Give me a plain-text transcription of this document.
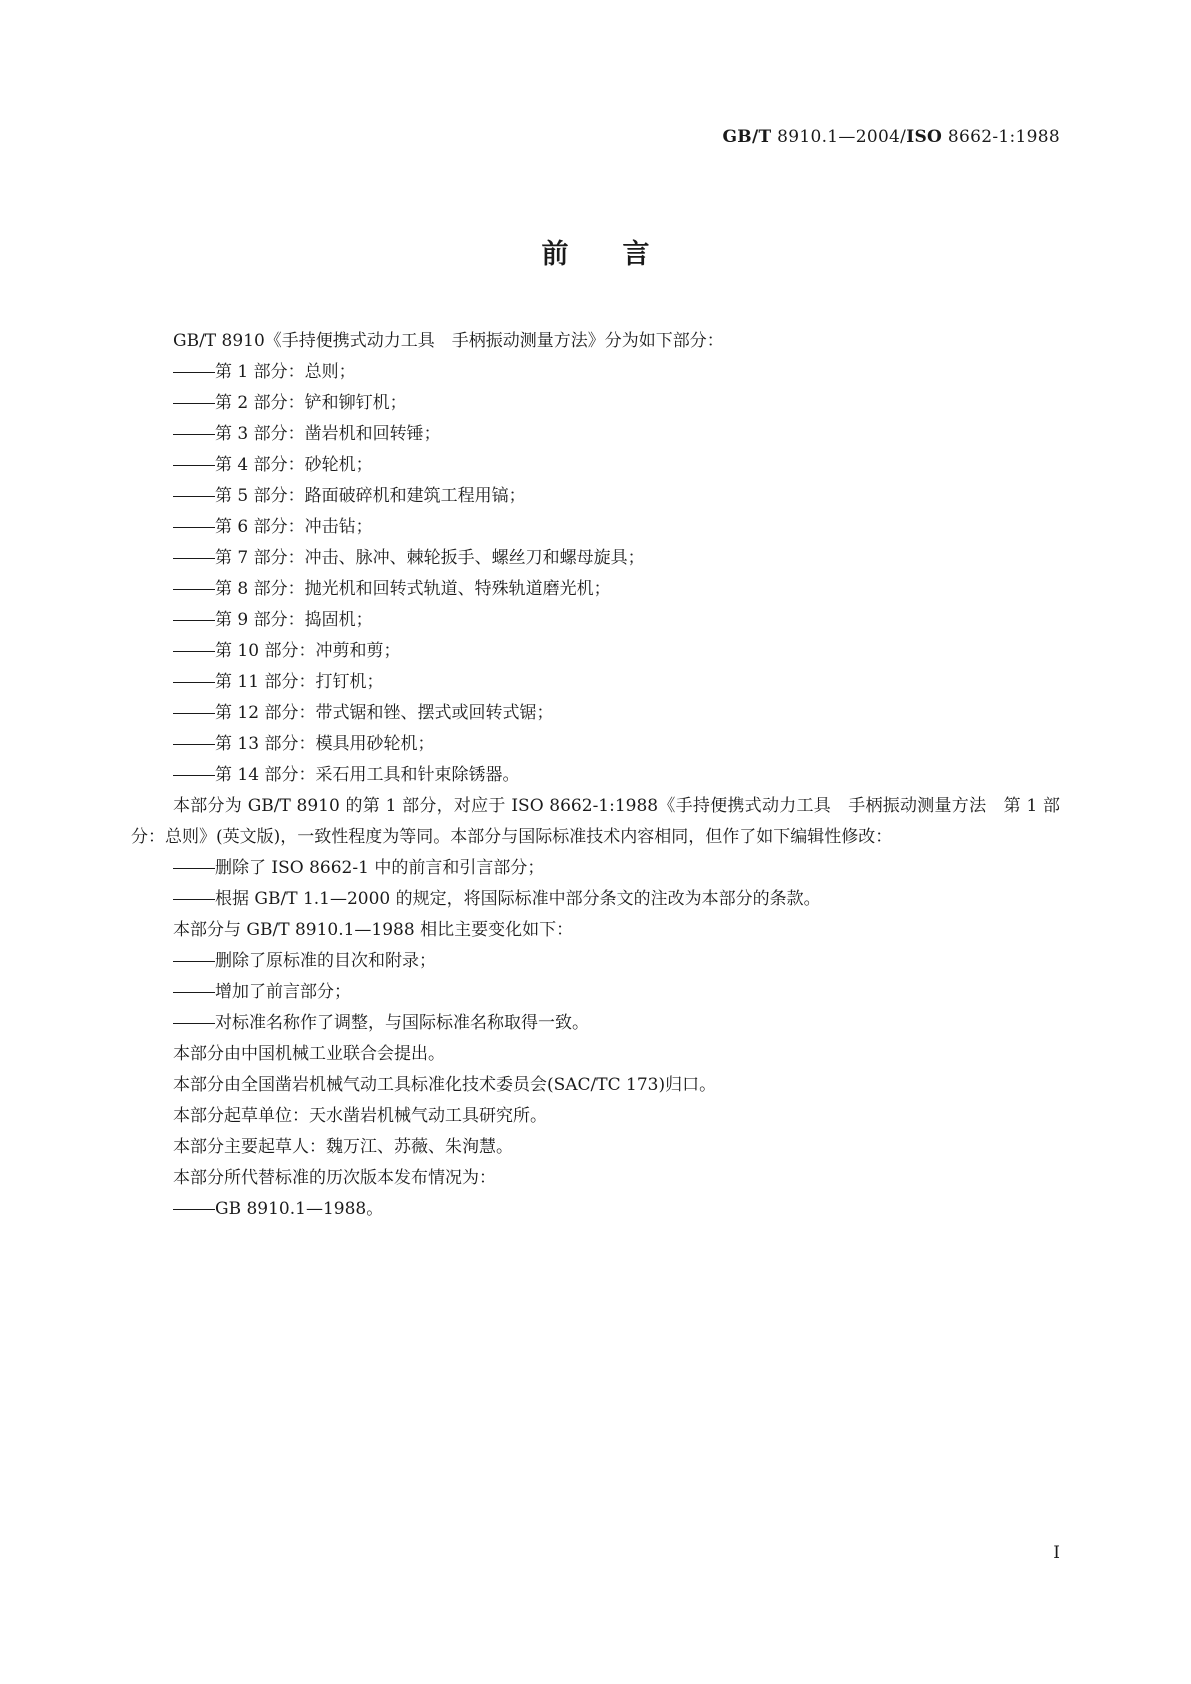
GB/T 8910.1—2004/ISO 8662-1:1988
前言

GB/T 8910《手持便携式动力工具　手柄振动测量方法》分为如下部分：

第 1 部分：总则；

第 2 部分：铲和铆钉机；

第 3 部分：凿岩机和回转锤；

第 4 部分：砂轮机；

第 5 部分：路面破碎机和建筑工程用镐；

第 6 部分：冲击钻；

第 7 部分：冲击、脉冲、棘轮扳手、螺丝刀和螺母旋具；

第 8 部分：抛光机和回转式轨道、特殊轨道磨光机；

第 9 部分：捣固机；

第 10 部分：冲剪和剪；

第 11 部分：打钉机；

第 12 部分：带式锯和锉、摆式或回转式锯；

第 13 部分：模具用砂轮机；

第 14 部分：采石用工具和针束除锈器。

本部分为 GB/T 8910 的第 1 部分，对应于 ISO 8662-1:1988《手持便携式动力工具　手柄振动测量方法　第 1 部分：总则》(英文版)，一致性程度为等同。本部分与国际标准技术内容相同，但作了如下编辑性修改：

删除了 ISO 8662-1 中的前言和引言部分；

根据 GB/T 1.1—2000 的规定，将国际标准中部分条文的注改为本部分的条款。

本部分与 GB/T 8910.1—1988 相比主要变化如下：

删除了原标准的目次和附录；

增加了前言部分；

对标准名称作了调整，与国际标准名称取得一致。

本部分由中国机械工业联合会提出。

本部分由全国凿岩机械气动工具标准化技术委员会(SAC/TC 173)归口。

本部分起草单位：天水凿岩机械气动工具研究所。

本部分主要起草人：魏万江、苏薇、朱洵慧。

本部分所代替标准的历次版本发布情况为：

GB 8910.1—1988。

I
